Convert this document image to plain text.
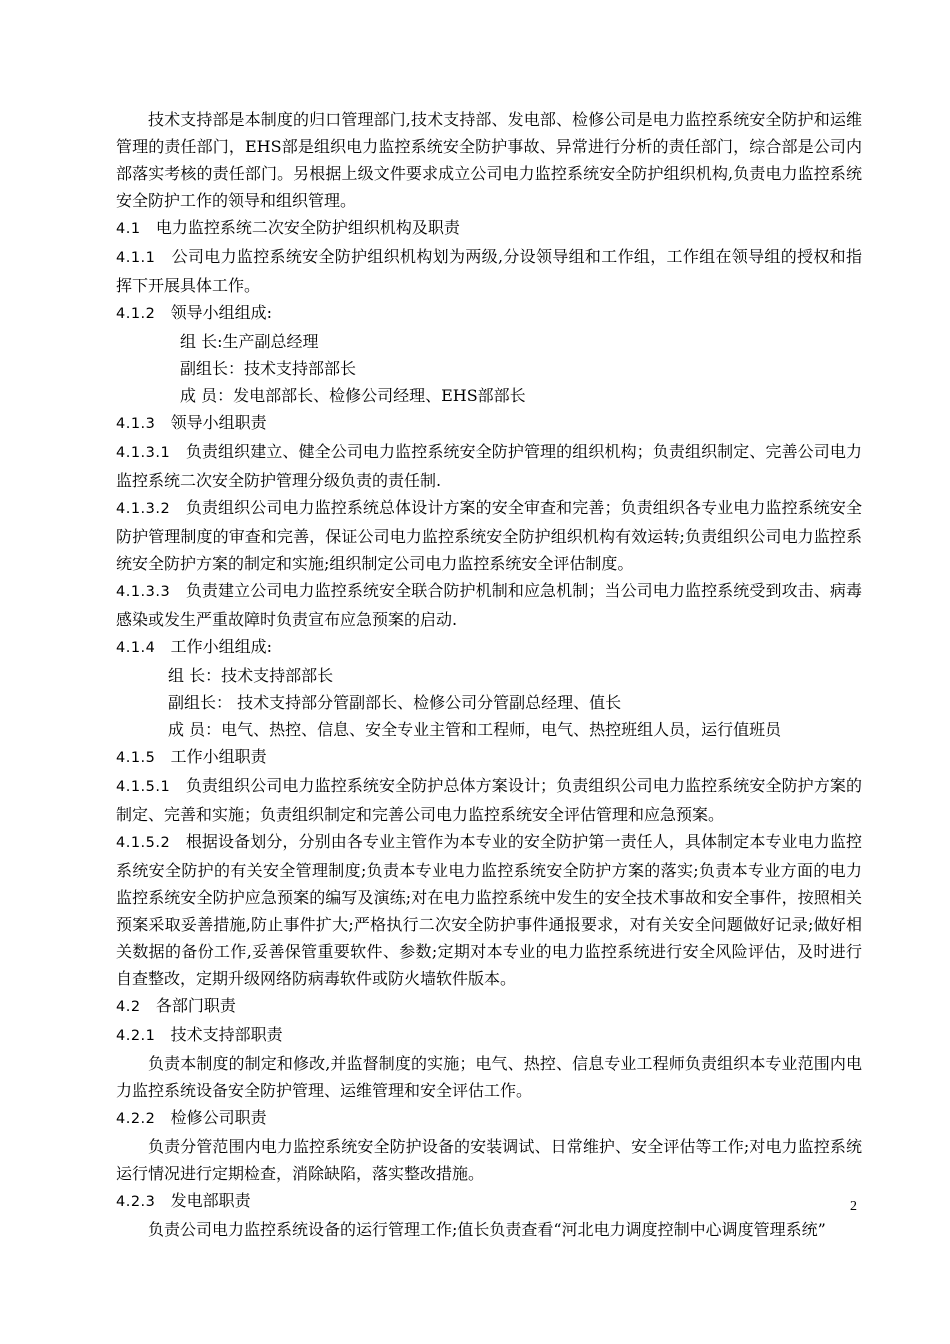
技术支持部是本制度的归口管理部门,技术支持部、发电部、检修公司是电力监控系统安全防护和运维管理的责任部门，EHS部是组织电力监控系统安全防护事故、异常进行分析的责任部门，综合部是公司内部落实考核的责任部门。另根据上级文件要求成立公司电力监控系统安全防护组织机构,负责电力监控系统安全防护工作的领导和组织管理。

4.1 电力监控系统二次安全防护组织机构及职责

4.1.1 公司电力监控系统安全防护组织机构划为两级,分设领导组和工作组，工作组在领导组的授权和指挥下开展具体工作。

4.1.2 领导小组组成:

组 长:生产副总经理

副组长：技术支持部部长

成 员：发电部部长、检修公司经理、EHS部部长

4.1.3 领导小组职责

4.1.3.1 负责组织建立、健全公司电力监控系统安全防护管理的组织机构；负责组织制定、完善公司电力监控系统二次安全防护管理分级负责的责任制.

4.1.3.2 负责组织公司电力监控系统总体设计方案的安全审查和完善；负责组织各专业电力监控系统安全防护管理制度的审查和完善，保证公司电力监控系统安全防护组织机构有效运转;负责组织公司电力监控系统安全防护方案的制定和实施;组织制定公司电力监控系统安全评估制度。

4.1.3.3 负责建立公司电力监控系统安全联合防护机制和应急机制；当公司电力监控系统受到攻击、病毒感染或发生严重故障时负责宣布应急预案的启动.

4.1.4 工作小组组成:

组 长：技术支持部部长

副组长： 技术支持部分管副部长、检修公司分管副总经理、值长

成 员：电气、热控、信息、安全专业主管和工程师，电气、热控班组人员，运行值班员

4.1.5 工作小组职责

4.1.5.1 负责组织公司电力监控系统安全防护总体方案设计；负责组织公司电力监控系统安全防护方案的制定、完善和实施；负责组织制定和完善公司电力监控系统安全评估管理和应急预案。

4.1.5.2 根据设备划分，分别由各专业主管作为本专业的安全防护第一责任人，具体制定本专业电力监控系统安全防护的有关安全管理制度;负责本专业电力监控系统安全防护方案的落实;负责本专业方面的电力监控系统安全防护应急预案的编写及演练;对在电力监控系统中发生的安全技术事故和安全事件，按照相关预案采取妥善措施,防止事件扩大;严格执行二次安全防护事件通报要求，对有关安全问题做好记录;做好相关数据的备份工作,妥善保管重要软件、参数;定期对本专业的电力监控系统进行安全风险评估，及时进行自查整改，定期升级网络防病毒软件或防火墙软件版本。

4.2 各部门职责

4.2.1 技术支持部职责

负责本制度的制定和修改,并监督制度的实施；电气、热控、信息专业工程师负责组织本专业范围内电力监控系统设备安全防护管理、运维管理和安全评估工作。

4.2.2 检修公司职责

负责分管范围内电力监控系统安全防护设备的安装调试、日常维护、安全评估等工作;对电力监控系统运行情况进行定期检查，消除缺陷，落实整改措施。

4.2.3 发电部职责

负责公司电力监控系统设备的运行管理工作;值长负责查看“河北电力调度控制中心调度管理系统”

2
